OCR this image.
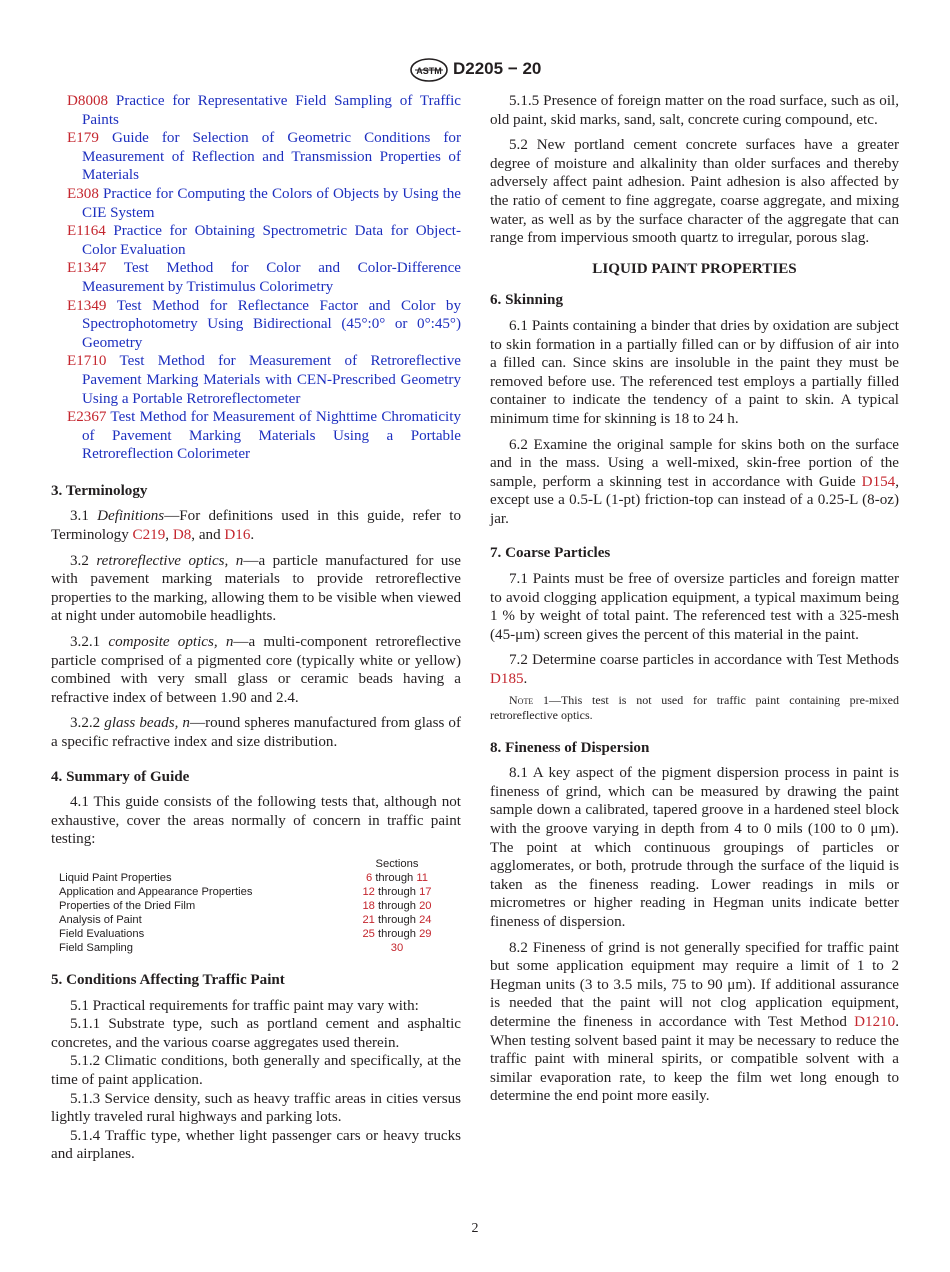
ASTM D2205 − 20

D8008 Practice for Representative Field Sampling of Traffic Paints

E179 Guide for Selection of Geometric Conditions for Measurement of Reflection and Transmission Properties of Materials

E308 Practice for Computing the Colors of Objects by Using the CIE System

E1164 Practice for Obtaining Spectrometric Data for Object-Color Evaluation

E1347 Test Method for Color and Color-Difference Measurement by Tristimulus Colorimetry

E1349 Test Method for Reflectance Factor and Color by Spectrophotometry Using Bidirectional (45°:0° or 0°:45°) Geometry

E1710 Test Method for Measurement of Retroreflective Pavement Marking Materials with CEN-Prescribed Geometry Using a Portable Retroreflectometer

E2367 Test Method for Measurement of Nighttime Chromaticity of Pavement Marking Materials Using a Portable Retroreflection Colorimeter

3. Terminology

3.1 Definitions—For definitions used in this guide, refer to Terminology C219, D8, and D16.

3.2 retroreflective optics, n—a particle manufactured for use with pavement marking materials to provide retroreflective properties to the marking, allowing them to be visible when viewed at night under automobile headlights.

3.2.1 composite optics, n—a multi-component retroreflective particle comprised of a pigmented core (typically white or yellow) combined with very small glass or ceramic beads having a refractive index of between 1.90 and 2.4.

3.2.2 glass beads, n—round spheres manufactured from glass of a specific refractive index and size distribution.

4. Summary of Guide

4.1 This guide consists of the following tests that, although not exhaustive, cover the areas normally of concern in traffic paint testing:

	Sections
Liquid Paint Properties	6 through 11
Application and Appearance Properties	12 through 17
Properties of the Dried Film	18 through 20
Analysis of Paint	21 through 24
Field Evaluations	25 through 29
Field Sampling	30

5. Conditions Affecting Traffic Paint

5.1 Practical requirements for traffic paint may vary with:

5.1.1 Substrate type, such as portland cement and asphaltic concretes, and the various coarse aggregates used therein.

5.1.2 Climatic conditions, both generally and specifically, at the time of paint application.

5.1.3 Service density, such as heavy traffic areas in cities versus lightly traveled rural highways and parking lots.

5.1.4 Traffic type, whether light passenger cars or heavy trucks and airplanes.

5.1.5 Presence of foreign matter on the road surface, such as oil, old paint, skid marks, sand, salt, concrete curing compound, etc.

5.2 New portland cement concrete surfaces have a greater degree of moisture and alkalinity than older surfaces and thereby adversely affect paint adhesion. Paint adhesion is also affected by the ratio of cement to fine aggregate, coarse aggregate, and mixing water, as well as by the surface character of the aggregate that can range from impervious smooth quartz to irregular, porous slag.

LIQUID PAINT PROPERTIES

6. Skinning

6.1 Paints containing a binder that dries by oxidation are subject to skin formation in a partially filled can or by diffusion of air into a filled can. Since skins are insoluble in the paint they must be removed before use. The referenced test employs a partially filled container to indicate the tendency of a paint to skin. A typical minimum time for skinning is 18 to 24 h.

6.2 Examine the original sample for skins both on the surface and in the mass. Using a well-mixed, skin-free portion of the sample, perform a skinning test in accordance with Guide D154, except use a 0.5-L (1-pt) friction-top can instead of a 0.25-L (8-oz) jar.

7. Coarse Particles

7.1 Paints must be free of oversize particles and foreign matter to avoid clogging application equipment, a typical maximum being 1 % by weight of total paint. The referenced test with a 325-mesh (45-μm) screen gives the percent of this material in the paint.

7.2 Determine coarse particles in accordance with Test Methods D185.

Note 1—This test is not used for traffic paint containing pre-mixed retroreflective optics.

8. Fineness of Dispersion

8.1 A key aspect of the pigment dispersion process in paint is fineness of grind, which can be measured by drawing the paint sample down a calibrated, tapered groove in a hardened steel block with the groove varying in depth from 4 to 0 mils (100 to 0 μm). The point at which continuous groupings of particles or agglomerates, or both, protrude through the surface of the liquid is taken as the fineness reading. Lower readings in mils or micrometres or higher reading in Hegman units indicate better fineness of dispersion.

8.2 Fineness of grind is not generally specified for traffic paint but some application equipment may require a limit of 1 to 2 Hegman units (3 to 3.5 mils, 75 to 90 μm). If additional assurance is needed that the paint will not clog application equipment, determine the fineness in accordance with Test Method D1210. When testing solvent based paint it may be necessary to reduce the traffic paint with mineral spirits, or compatible solvent with a similar evaporation rate, to keep the film wet long enough to determine the end point more easily.

2
